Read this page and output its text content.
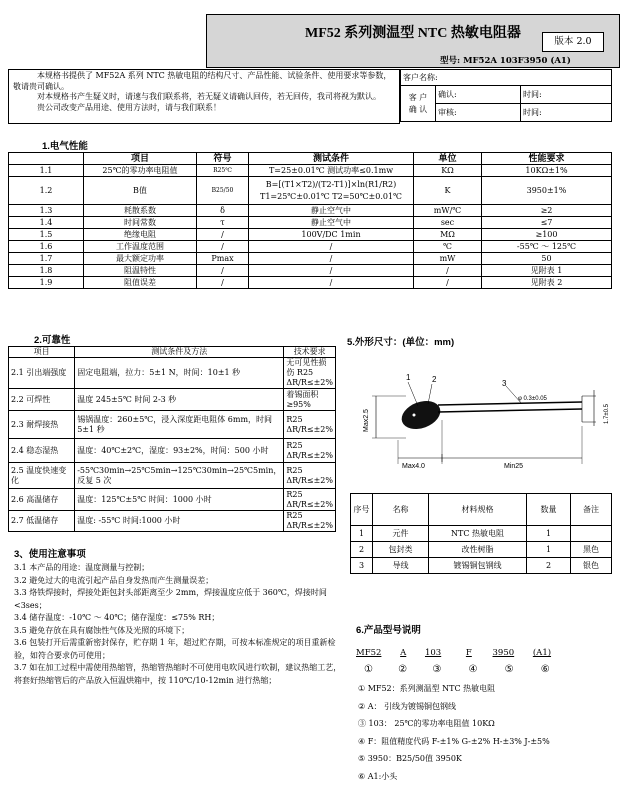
MF52 系列测温型 NTC 热敏电阻器
版本 2.0
型号: MF52A 103F3950 (A1)
本规格书提供了 MF52A 系列 NTC 热敏电阻的结构尺寸、产品性能、试验条件、使用要求等参数，敬请贵司确认。
对本规格书产生疑义时，请速与我们联系将，若无疑义请确认回传，若无回传，我司将视为默认。
贵公司改变产品用途、使用方法时，请与我们联系！
客户名称:		
客 户
确 认	确认:	时间:
	审核:	时间:
1.电气性能
	项目	符号	测试条件	单位	性能要求
1.1	25℃的零功率电阻值	R25℃	T=25±0.01℃ 测试功率≤0.1mw	KΩ	10KΩ±1%
1.2	B值	B25/50	B=[(T1×T2)/(T2-T1)]×ln(R1/R2)
T1=25℃±0.01℃ T2=50℃±0.01℃	K	3950±1%
1.3	耗散系数	δ	静止空气中	mW/℃	≥2
1.4	时间常数	τ	静止空气中	sec	≤7
1.5	绝缘电阻	/	100V/DC 1min	MΩ	≥100
1.6	工作温度范围	/	/	℃	-55℃ ～ 125℃
1.7	最大额定功率	Pmax	/	mW	50
1.8	阻温特性	/	/	/	见附表 1
1.9	阻值误差	/	/	/	见附表 2
2.可靠性
项目	测试条件及方法	技术要求
2.1 引出端强度	固定电阻端，拉力：5±1 N，时间：10±1 秒	无可见性损伤 R25 ΔR/R≤±2%
2.2 可焊性	温度 245±5℃ 时间 2-3 秒	着锡面积≥95%
2.3 耐焊接热	锡锅温度：260±5℃，浸入深度距电阻体 6mm，时间 5±1 秒	R25 ΔR/R≤±2%
2.4 稳态湿热	温度：40℃±2℃，湿度：93±2%，时间：500 小时	R25 ΔR/R≤±2%
2.5 温度快速变化	-55℃30min→25℃5min→125℃30min→25℃5min，反复 5 次	R25 ΔR/R≤±2%
2.6 高温储存	温度：125℃±5℃ 时间：1000 小时	R25 ΔR/R≤±2%
2.7 低温储存	温度: -55℃ 时间:1000 小时	R25 ΔR/R≤±2%
5.外形尺寸：(单位：mm)
1	2	3
φ 0.3±0.05
Max2.5
Max4.0	Min25
1.7±0.5
序号	名称	材料规格	数量	备注
1	元件	NTC 热敏电阻	1	
2	包封类	改性树脂	1	黑色
3	导线	镀锡铜包钢线	2	银色
3、使用注意事项
3.1 本产品的用途：温度测量与控制；
3.2 避免过大的电流引起产品自身发热而产生测量误差；
3.3 烙铁焊接时，焊接处距包封头部距离至少 2mm，焊接温度应低于 360℃，焊接时间<3ses；
3.4 储存温度：-10℃ ～ 40℃；储存湿度：≤75% RH；
3.5 避免存放在具有腐蚀性气体及光照的环境下；
3.6 包装打开后需重新密封保存，贮存期 1 年，超过贮存期，可按本标准规定的项目重新检验，如符合要求仍可使用；
3.7 如在加工过程中需使用热缩管，热缩管热缩时不可使用电吹风进行吹制，建议热缩工艺，将套好热缩管后的产品放入恒温烘箱中，按 110℃/10-12min 进行热缩；
6.产品型号说明
MF52 A 103	F 3950 (A1)
①	②	③	④	⑤	⑥
① MF52：系列测温型 NTC 热敏电阻
② A： 引线为镀锡铜包钢线
③ 103： 25℃的零功率电阻值 10KΩ
④ F：阻值精度代码 F-±1% G-±2% H-±3% J-±5%
⑤ 3950：B25/50值 3950K
⑥ A1:小头
